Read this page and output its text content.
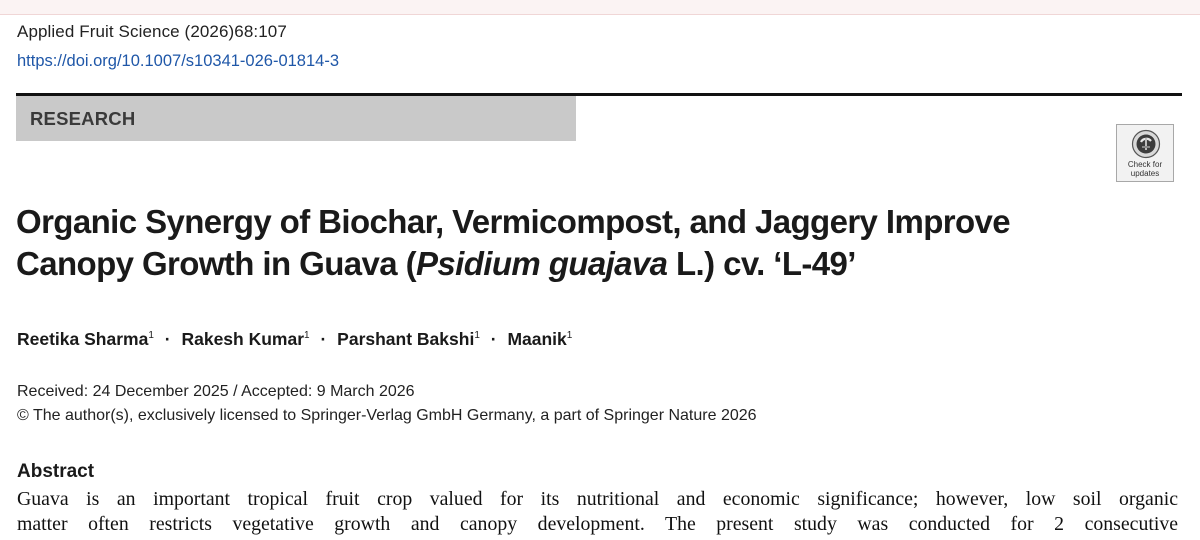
Applied Fruit Science (2026)68:107
https://doi.org/10.1007/s10341-026-01814-3
RESEARCH
Check for
updates
Organic Synergy of Biochar, Vermicompost, and Jaggery Improve
Canopy Growth in Guava (Psidium guajava L.) cv. ‘L-49’
Reetika Sharma$^1$ · Rakesh Kumar$^1$ · Parshant Bakshi$^1$ · Maanik$^1$
Received: 24 December 2025 / Accepted: 9 March 2026
© The author(s), exclusively licensed to Springer-Verlag GmbH Germany, a part of Springer Nature 2026
Abstract
Guava is an important tropical fruit crop valued for its nutritional and economic significance; however, low soil organic
matter often restricts vegetative growth and canopy development. The present study was conducted for 2 consecutive
